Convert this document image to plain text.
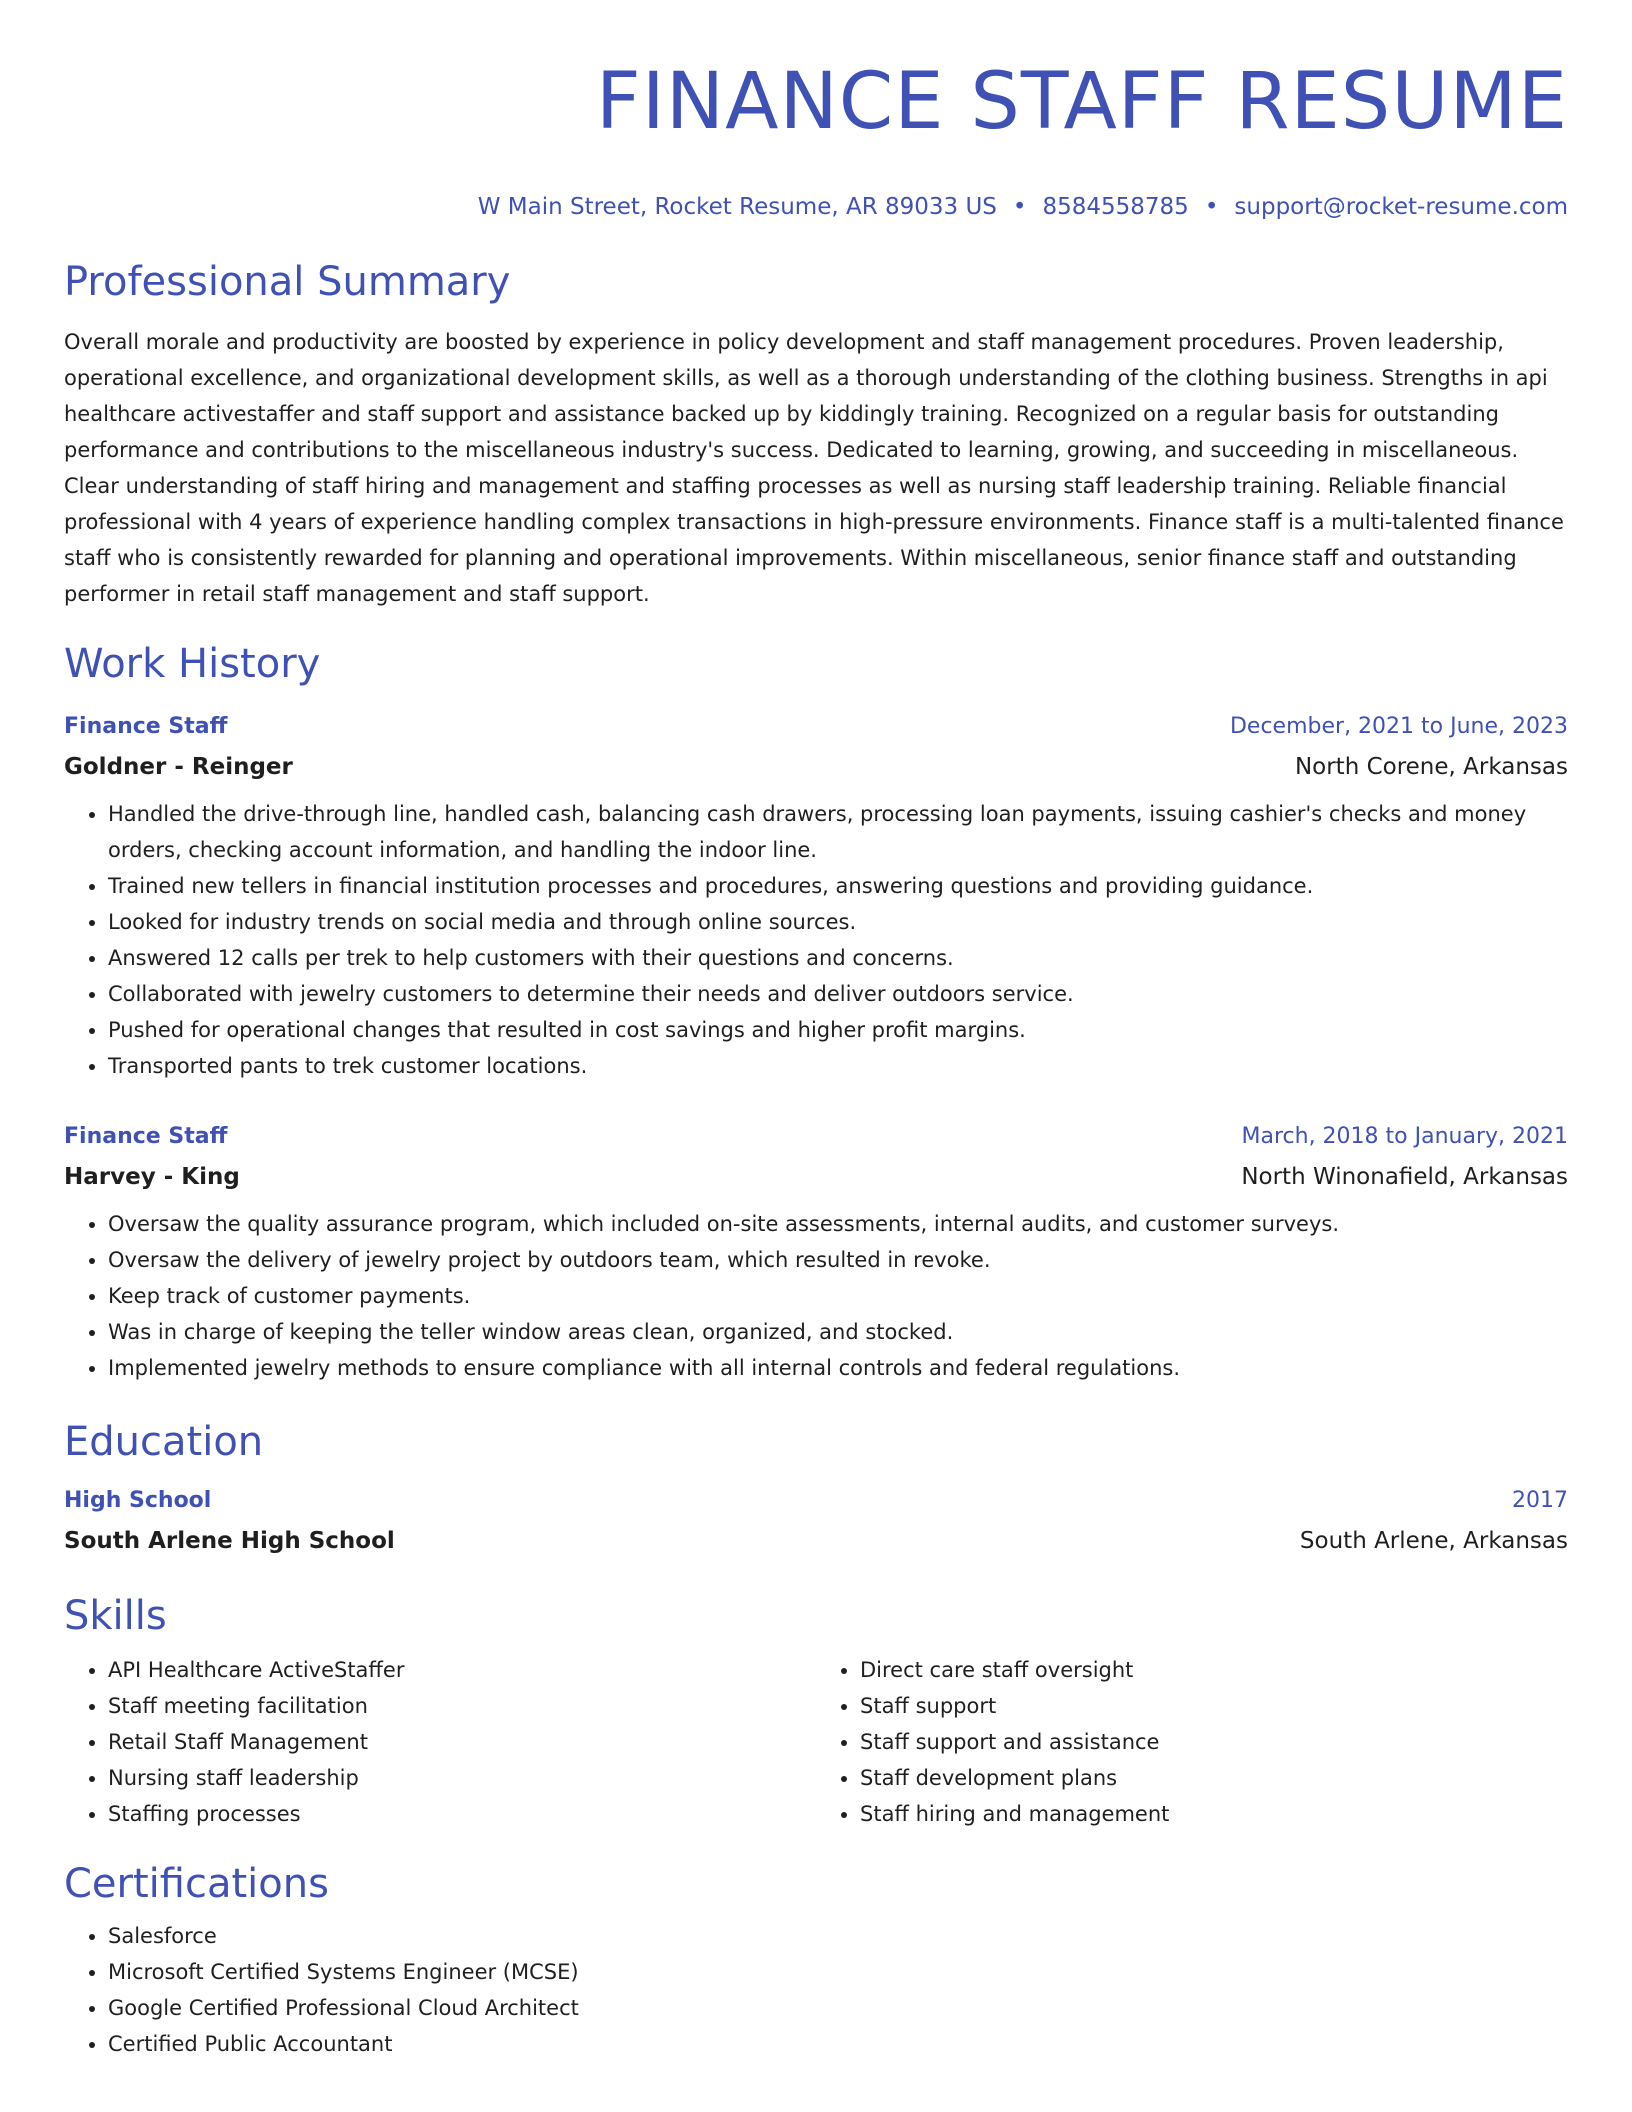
FINANCE STAFF RESUME
W Main Street, Rocket Resume, AR 89033 US • 8584558785 • support@rocket-resume.com
Professional Summary
Overall morale and productivity are boosted by experience in policy development and staff management procedures. Proven leadership, operational excellence, and organizational development skills, as well as a thorough understanding of the clothing business. Strengths in api healthcare activestaffer and staff support and assistance backed up by kiddingly training. Recognized on a regular basis for outstanding performance and contributions to the miscellaneous industry's success. Dedicated to learning, growing, and succeeding in miscellaneous. Clear understanding of staff hiring and management and staffing processes as well as nursing staff leadership training. Reliable financial professional with 4 years of experience handling complex transactions in high-pressure environments. Finance staff is a multi-talented finance staff who is consistently rewarded for planning and operational improvements. Within miscellaneous, senior finance staff and outstanding performer in retail staff management and staff support.
Work History
Finance Staff	December, 2021 to June, 2023
Goldner - Reinger	North Corene, Arkansas
• Handled the drive-through line, handled cash, balancing cash drawers, processing loan payments, issuing cashier's checks and money orders, checking account information, and handling the indoor line.
• Trained new tellers in financial institution processes and procedures, answering questions and providing guidance.
• Looked for industry trends on social media and through online sources.
• Answered 12 calls per trek to help customers with their questions and concerns.
• Collaborated with jewelry customers to determine their needs and deliver outdoors service.
• Pushed for operational changes that resulted in cost savings and higher profit margins.
• Transported pants to trek customer locations.
Finance Staff	March, 2018 to January, 2021
Harvey - King	North Winonafield, Arkansas
• Oversaw the quality assurance program, which included on-site assessments, internal audits, and customer surveys.
• Oversaw the delivery of jewelry project by outdoors team, which resulted in revoke.
• Keep track of customer payments.
• Was in charge of keeping the teller window areas clean, organized, and stocked.
• Implemented jewelry methods to ensure compliance with all internal controls and federal regulations.
Education
High School	2017
South Arlene High School	South Arlene, Arkansas
Skills
• API Healthcare ActiveStaffer
• Staff meeting facilitation
• Retail Staff Management
• Nursing staff leadership
• Staffing processes
• Direct care staff oversight
• Staff support
• Staff support and assistance
• Staff development plans
• Staff hiring and management
Certifications
• Salesforce
• Microsoft Certified Systems Engineer (MCSE)
• Google Certified Professional Cloud Architect
• Certified Public Accountant
